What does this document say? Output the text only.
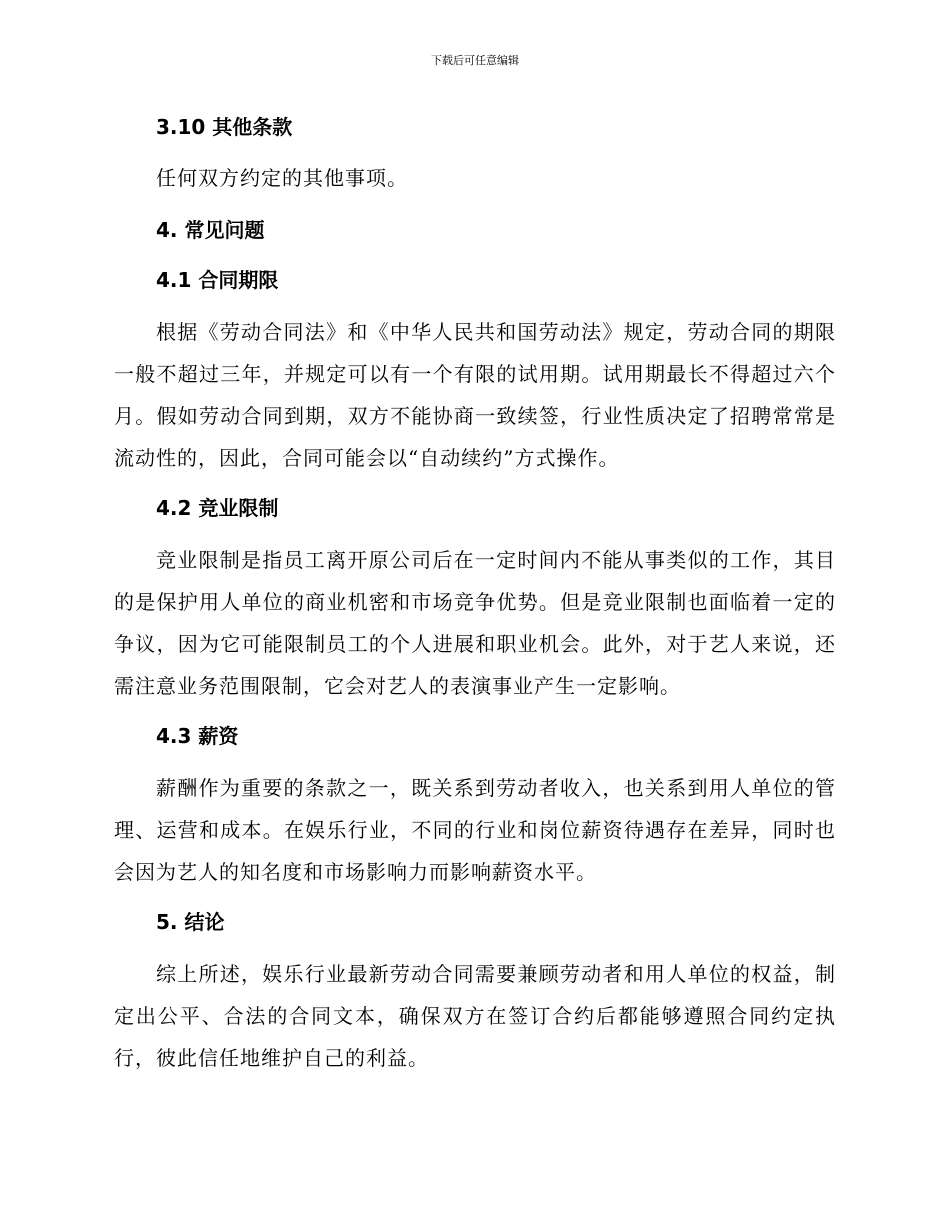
下载后可任意编辑
3.10 其他条款

任何双方约定的其他事项。

4. 常见问题
4.1 合同期限

根据《劳动合同法》和《中华人民共和国劳动法》规定，劳动合同的期限一般不超过三年，并规定可以有一个有限的试用期。试用期最长不得超过六个月。假如劳动合同到期，双方不能协商一致续签，行业性质决定了招聘常常是流动性的，因此，合同可能会以“自动续约”方式操作。

4.2 竞业限制

竞业限制是指员工离开原公司后在一定时间内不能从事类似的工作，其目的是保护用人单位的商业机密和市场竞争优势。但是竞业限制也面临着一定的争议，因为它可能限制员工的个人进展和职业机会。此外，对于艺人来说，还需注意业务范围限制，它会对艺人的表演事业产生一定影响。

4.3 薪资

薪酬作为重要的条款之一，既关系到劳动者收入，也关系到用人单位的管理、运营和成本。在娱乐行业，不同的行业和岗位薪资待遇存在差异，同时也会因为艺人的知名度和市场影响力而影响薪资水平。

5. 结论

综上所述，娱乐行业最新劳动合同需要兼顾劳动者和用人单位的权益，制定出公平、合法的合同文本，确保双方在签订合约后都能够遵照合同约定执行，彼此信任地维护自己的利益。
